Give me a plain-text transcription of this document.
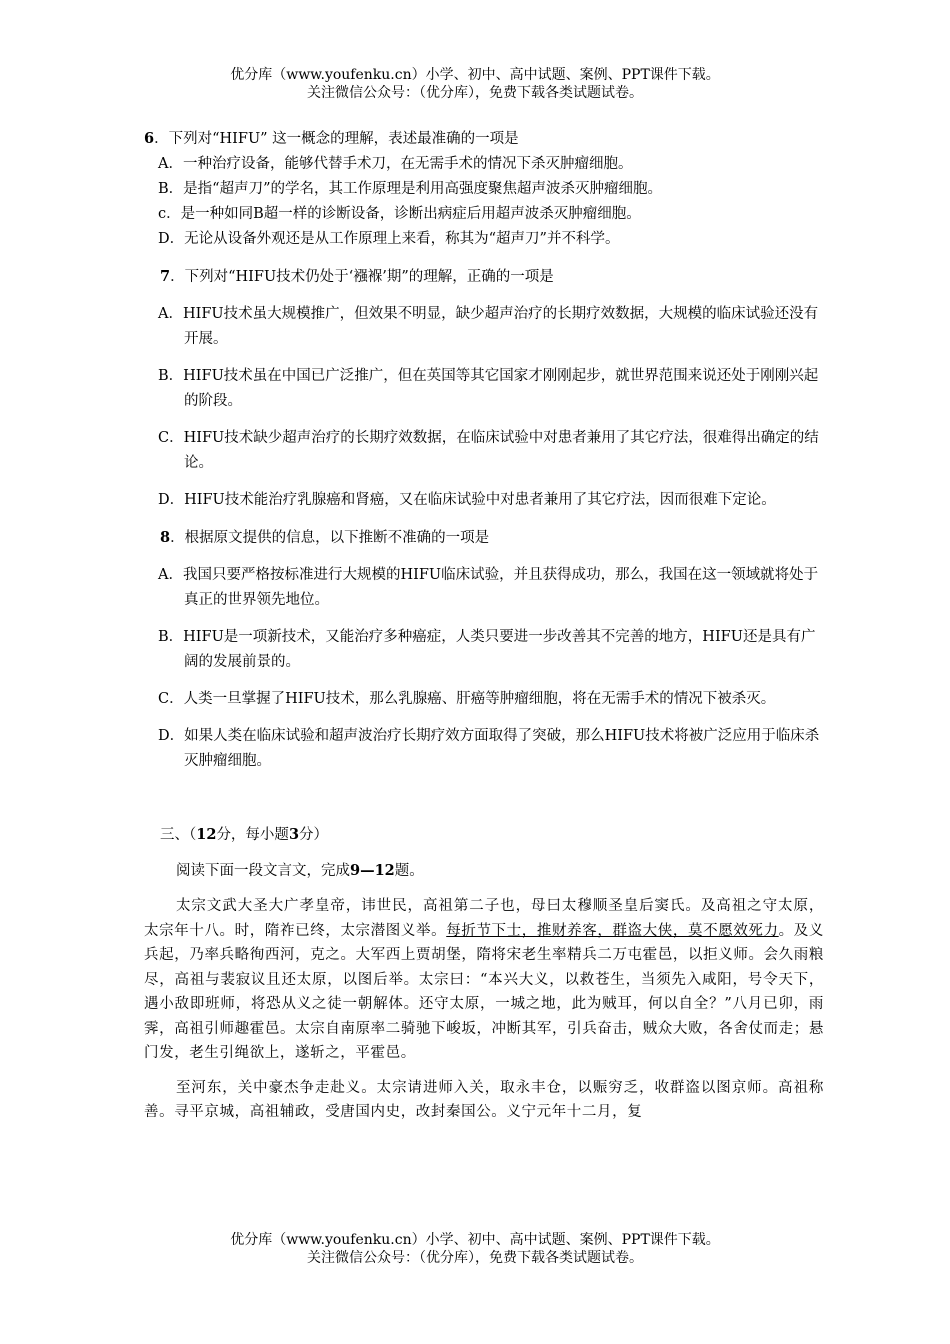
优分库（www.youfenku.cn）小学、初中、高中试题、案例、PPT课件下载。
关注微信公众号：（优分库），免费下载各类试题试卷。

6．下列对“HIFU” 这一概念的理解，表述最准确的一项是

A．一种治疗设备，能够代替手术刀，在无需手术的情况下杀灭肿瘤细胞。

B．是指“超声刀”的学名，其工作原理是利用高强度聚焦超声波杀灭肿瘤细胞。

c．是一种如同B超一样的诊断设备，诊断出病症后用超声波杀灭肿瘤细胞。

D．无论从设备外观还是从工作原理上来看，称其为“超声刀”并不科学。

7．下列对“HIFU技术仍处于‘襁褓’期”的理解，正确的一项是

A．HIFU技术虽大规模推广，但效果不明显，缺少超声治疗的长期疗效数据，大规模的临床试验还没有开展。

B．HIFU技术虽在中国已广泛推广，但在英国等其它国家才刚刚起步，就世界范围来说还处于刚刚兴起的阶段。

C．HIFU技术缺少超声治疗的长期疗效数据，在临床试验中对患者兼用了其它疗法，很难得出确定的结论。

D．HIFU技术能治疗乳腺癌和肾癌，又在临床试验中对患者兼用了其它疗法，因而很难下定论。

8．根据原文提供的信息，以下推断不准确的一项是

A．我国只要严格按标准进行大规模的HIFU临床试验，并且获得成功，那么，我国在这一领域就将处于真正的世界领先地位。

B．HIFU是一项新技术，又能治疗多种癌症，人类只要进一步改善其不完善的地方，HIFU还是具有广阔的发展前景的。

C．人类一旦掌握了HIFU技术，那么乳腺癌、肝癌等肿瘤细胞，将在无需手术的情况下被杀灭。

D．如果人类在临床试验和超声波治疗长期疗效方面取得了突破，那么HIFU技术将被广泛应用于临床杀灭肿瘤细胞。

三、（12分，每小题3分）

阅读下面一段文言文，完成9—12题。

太宗文武大圣大广孝皇帝，讳世民，高祖第二子也，母曰太穆顺圣皇后窦氏。及高祖之守太原，太宗年十八。时，隋祚已终，太宗潜图义举。每折节下士，推财养客，群盗大侠，莫不愿效死力。及义兵起，乃率兵略徇西河，克之。大军西上贾胡堡，隋将宋老生率精兵二万屯霍邑，以拒义师。会久雨粮尽，高祖与裴寂议且还太原，以图后举。太宗曰：“本兴大义，以救苍生，当须先入咸阳，号令天下，遇小敌即班师，将恐从义之徒一朝解体。还守太原，一城之地，此为贼耳，何以自全？”八月已卯，雨霁，高祖引师趣霍邑。太宗自南原率二骑驰下峻坂，冲断其军，引兵奋击，贼众大败，各舍仗而走；悬门发，老生引绳欲上，遂斩之，平霍邑。

至河东，关中豪杰争走赴义。太宗请进师入关，取永丰仓，以赈穷乏，收群盗以图京师。高祖称善。寻平京城，高祖辅政，受唐国内史，改封秦国公。义宁元年十二月，复

优分库（www.youfenku.cn）小学、初中、高中试题、案例、PPT课件下载。
关注微信公众号：（优分库），免费下载各类试题试卷。
